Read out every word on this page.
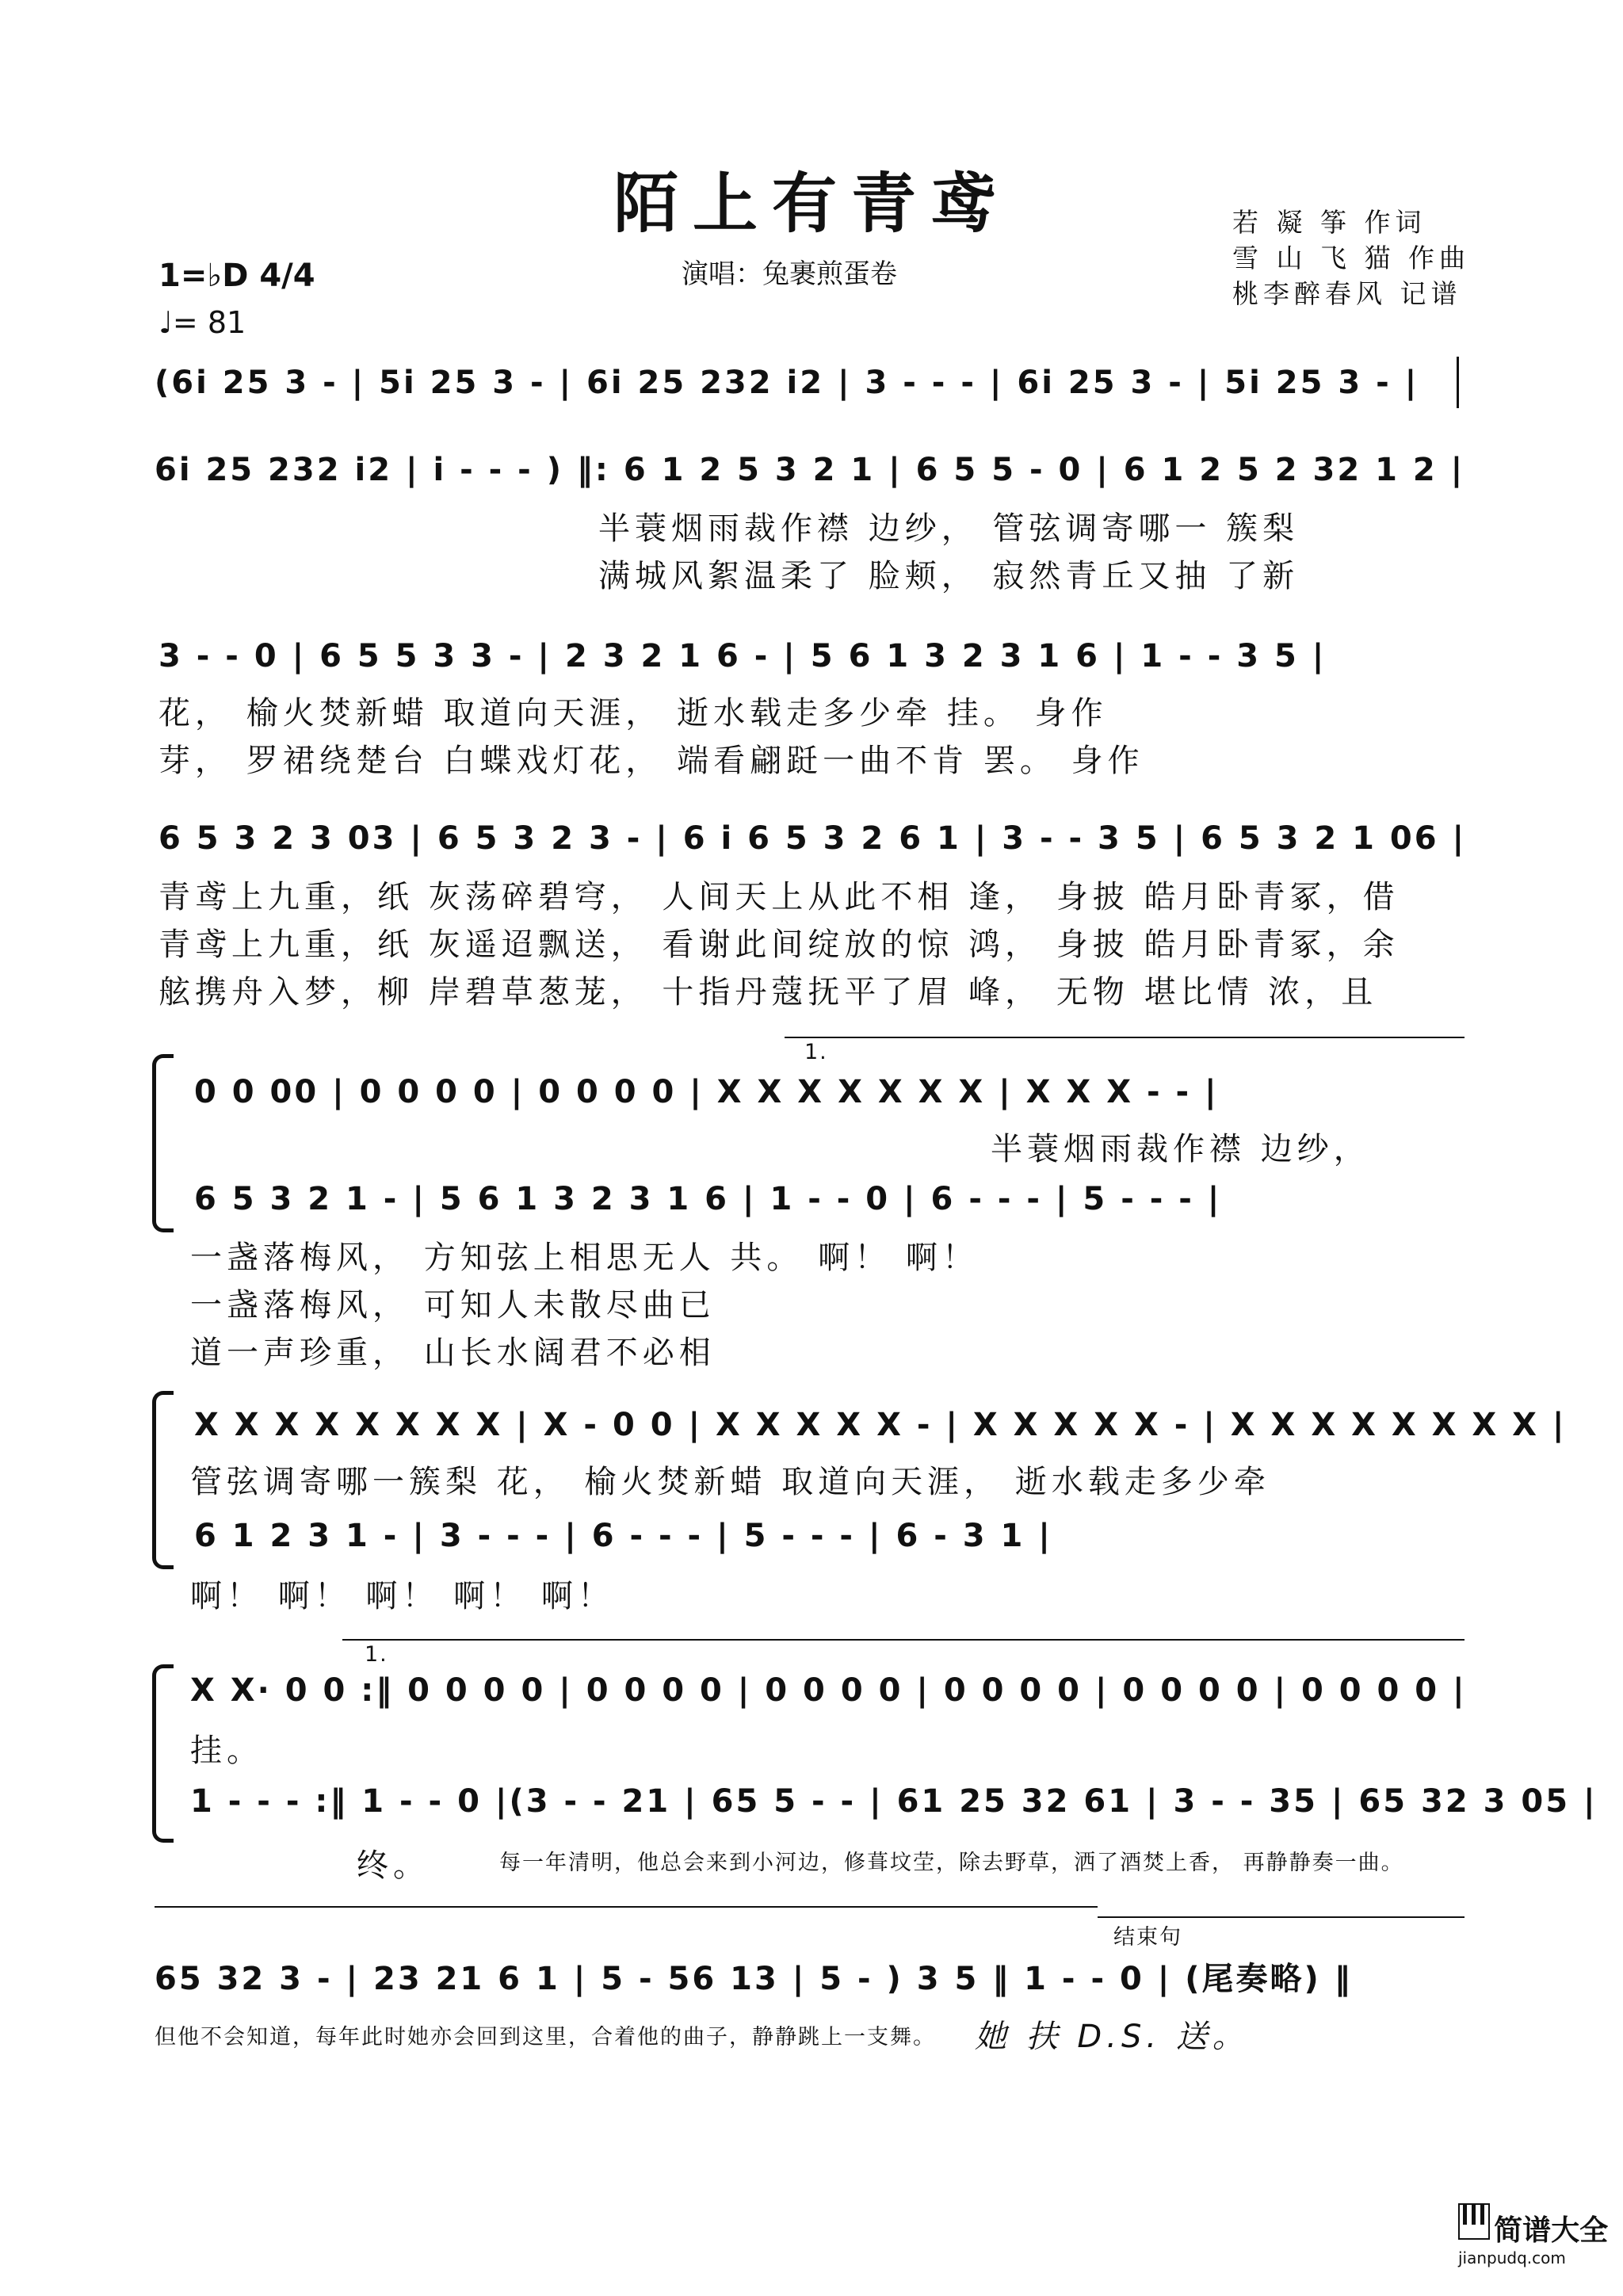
陌上有青鸢
演唱：兔裹煎蛋卷
若 凝 筝 作词
雪 山 飞 猫 作曲
桃李醉春风 记谱
1=♭D 4/4
♩= 81
(6i 25 3 - | 5i 25 3 - | 6i 25 232 i2 | 3 - - - | 6i 25 3 - | 5i 25 3 - |
6i 25 232 i2 | i - - - ) ‖: 6 1 2 5 3 2 1 | 6 5 5 - 0 | 6 1 2 5 2 32 1 2 |
半蓑烟雨裁作襟 边纱， 管弦调寄哪一 簇梨
满城风絮温柔了 脸颊， 寂然青丘又抽 了新
3 - - 0 | 6 5 5 3 3 - | 2 3 2 1 6 - | 5 6 1 3 2 3 1 6 | 1 - - 3 5 |
花， 榆火焚新蜡 取道向天涯， 逝水载走多少牵 挂。 身作
芽， 罗裙绕楚台 白蝶戏灯花， 端看翩跹一曲不肯 罢。 身作
6 5 3 2 3 03 | 6 5 3 2 3 - | 6 i 6 5 3 2 6 1 | 3 - - 3 5 | 6 5 3 2 1 06 |
青鸢上九重，纸 灰荡碎碧穹， 人间天上从此不相 逢， 身披 皓月卧青冢，借
青鸢上九重，纸 灰遥迢飘送， 看谢此间绽放的惊 鸿， 身披 皓月卧青冢，余
舷携舟入梦，柳 岸碧草葱茏， 十指丹蔻抚平了眉 峰， 无物 堪比情 浓，且
1.
0 0 00 | 0 0 0 0 | 0 0 0 0 | X X X X X X X | X X X - - |
半蓑烟雨裁作襟 边纱，
6 5 3 2 1 - | 5 6 1 3 2 3 1 6 | 1 - - 0 | 6 - - - | 5 - - - |
一盏落梅风， 方知弦上相思无人 共。 啊！ 啊！
一盏落梅风， 可知人未散尽曲已
道一声珍重， 山长水阔君不必相
X X X X X X X X | X - 0 0 | X X X X X - | X X X X X - | X X X X X X X X |
管弦调寄哪一簇梨 花， 榆火焚新蜡 取道向天涯， 逝水载走多少牵
6 1 2 3 1 - | 3 - - - | 6 - - - | 5 - - - | 6 - 3 1 |
啊！ 啊！ 啊！ 啊！ 啊！
1.
X X· 0 0 :‖ 0 0 0 0 | 0 0 0 0 | 0 0 0 0 | 0 0 0 0 | 0 0 0 0 | 0 0 0 0 |
挂。
1 - - - :‖ 1 - - 0 |(3 - - 21 | 65 5 - - | 61 25 32 61 | 3 - - 35 | 65 32 3 05 |
终。	每一年清明，他总会来到小河边，修葺坟茔，除去野草，洒了酒焚上香， 再静静奏一曲。
结束句
65 32 3 - | 23 21 6 1 | 5 - 56 13 | 5 - ) 3 5 ‖ 1 - - 0 | (尾奏略) ‖
但他不会知道，每年此时她亦会回到这里，合着他的曲子，静静跳上一支舞。 她 扶 D.S. 送。
简谱大全
jianpudq.com
